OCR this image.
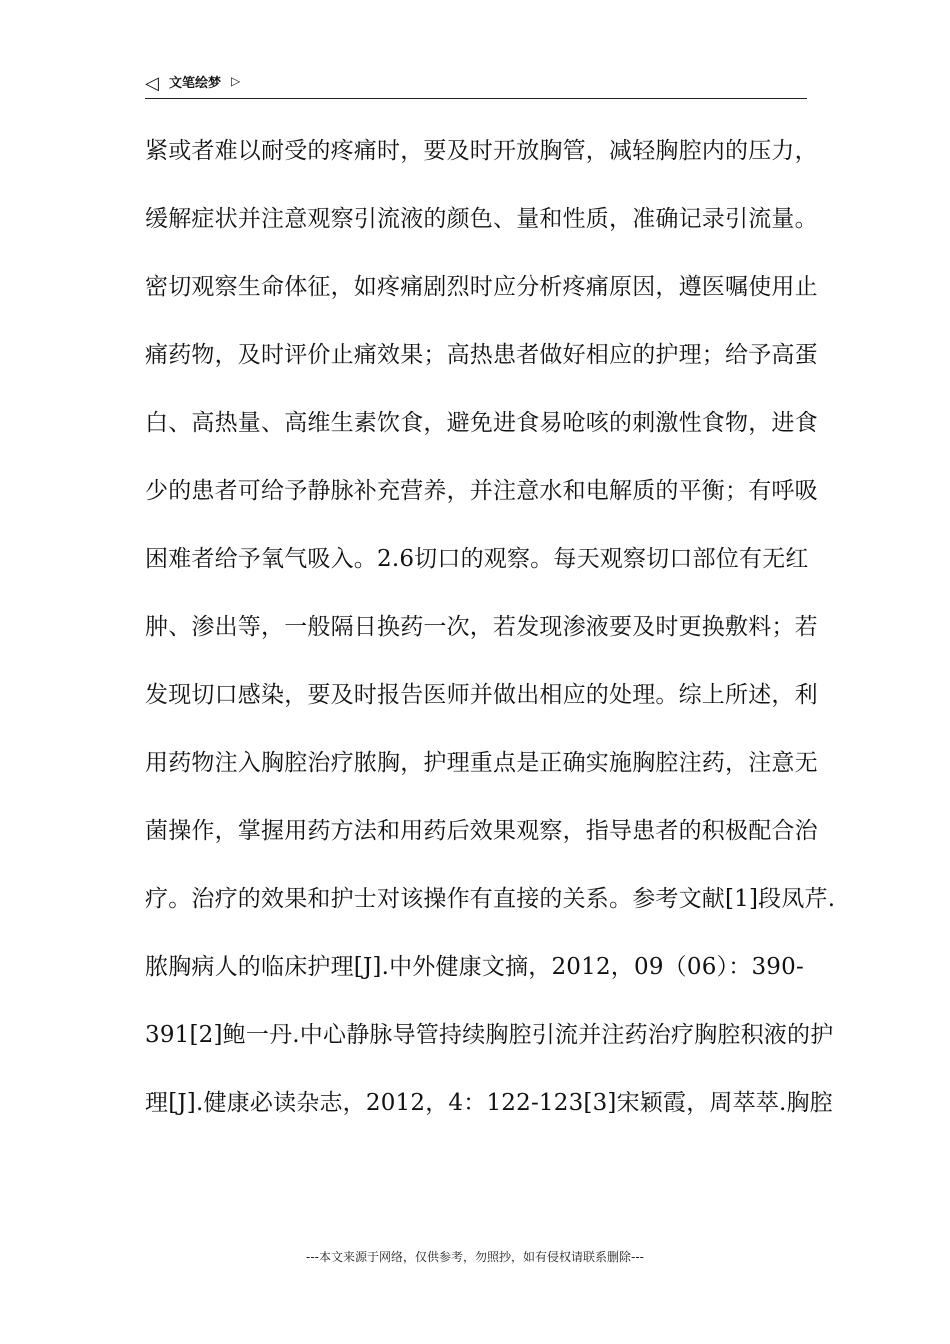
◁ 文笔绘梦 ▷
紧或者难以耐受的疼痛时，要及时开放胸管，减轻胸腔内的压力，
缓解症状并注意观察引流液的颜色、量和性质，准确记录引流量。
密切观察生命体征，如疼痛剧烈时应分析疼痛原因，遵医嘱使用止
痛药物，及时评价止痛效果；高热患者做好相应的护理；给予高蛋
白、高热量、高维生素饮食，避免进食易呛咳的刺激性食物，进食
少的患者可给予静脉补充营养，并注意水和电解质的平衡；有呼吸
困难者给予氧气吸入。2.6切口的观察。每天观察切口部位有无红
肿、渗出等，一般隔日换药一次，若发现渗液要及时更换敷料；若
发现切口感染，要及时报告医师并做出相应的处理。综上所述，利
用药物注入胸腔治疗脓胸，护理重点是正确实施胸腔注药，注意无
菌操作，掌握用药方法和用药后效果观察，指导患者的积极配合治
疗。治疗的效果和护士对该操作有直接的关系。参考文献[1]段凤芹.
脓胸病人的临床护理[J].中外健康文摘，2012，09（06）：390-
391[2]鲍一丹.中心静脉导管持续胸腔引流并注药治疗胸腔积液的护
理[J].健康必读杂志，2012，4：122-123[3]宋颖霞，周萃萃.胸腔
---本文来源于网络，仅供参考，勿照抄，如有侵权请联系删除---
